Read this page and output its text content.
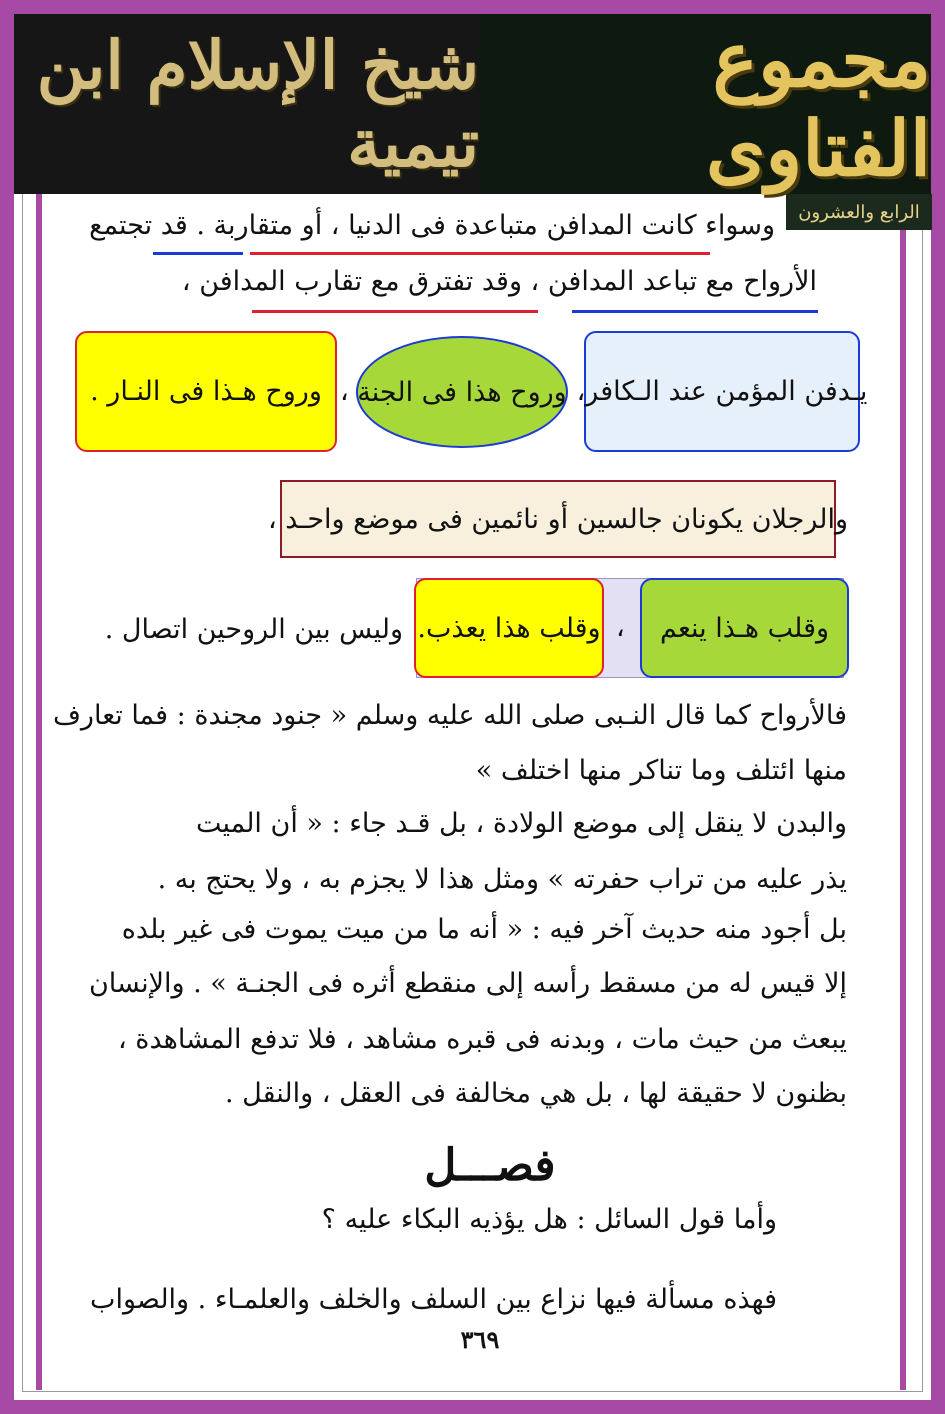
شيخ الإسلام ابن تيمية
مجموع الفتاوى
الرابع والعشرون
وسواء كانت المدافن متباعدة فى الدنيا ، أو متقاربة . قد تجتمع
الأرواح مع تباعد المدافن ، وقد تفترق مع تقارب المدافن ،
يـدفن المؤمن عند الـكافر،
وروح هذا فى الجنة
،
وروح هـذا فى النـار .
والرجلان يكونان جالسين أو نائمين فى موضع واحـد ،
وقلب هـذا ينعم
،
وقلب هذا يعذب.
وليس بين الروحين اتصال .
فالأرواح كما قال النـبى صلى الله عليه وسلم « جنود مجندة : فما تعارف
منها ائتلف وما تناكر منها اختلف »
والبدن لا ينقل إلى موضع الولادة ، بل قـد جاء : « أن الميت
يذر عليه من تراب حفرته » ومثل هذا لا يجزم به ، ولا يحتج به .
بل أجود منه حديث آخر فيه : « أنه ما من ميت يموت فى غير بلده
إلا قيس له من مسقط رأسه إلى منقطع أثره فى الجنـة » . والإنسان
يبعث من حيث مات ، وبدنه فى قبره مشاهد ، فلا تدفع المشاهدة ،
بظنون لا حقيقة لها ، بل هي مخالفة فى العقل ، والنقل .
فصـــل
وأما قول السائل : هل يؤذيه البكاء عليه ؟
فهذه مسألة فيها نزاع بين السلف والخلف والعلمـاء . والصواب
٣٦٩
